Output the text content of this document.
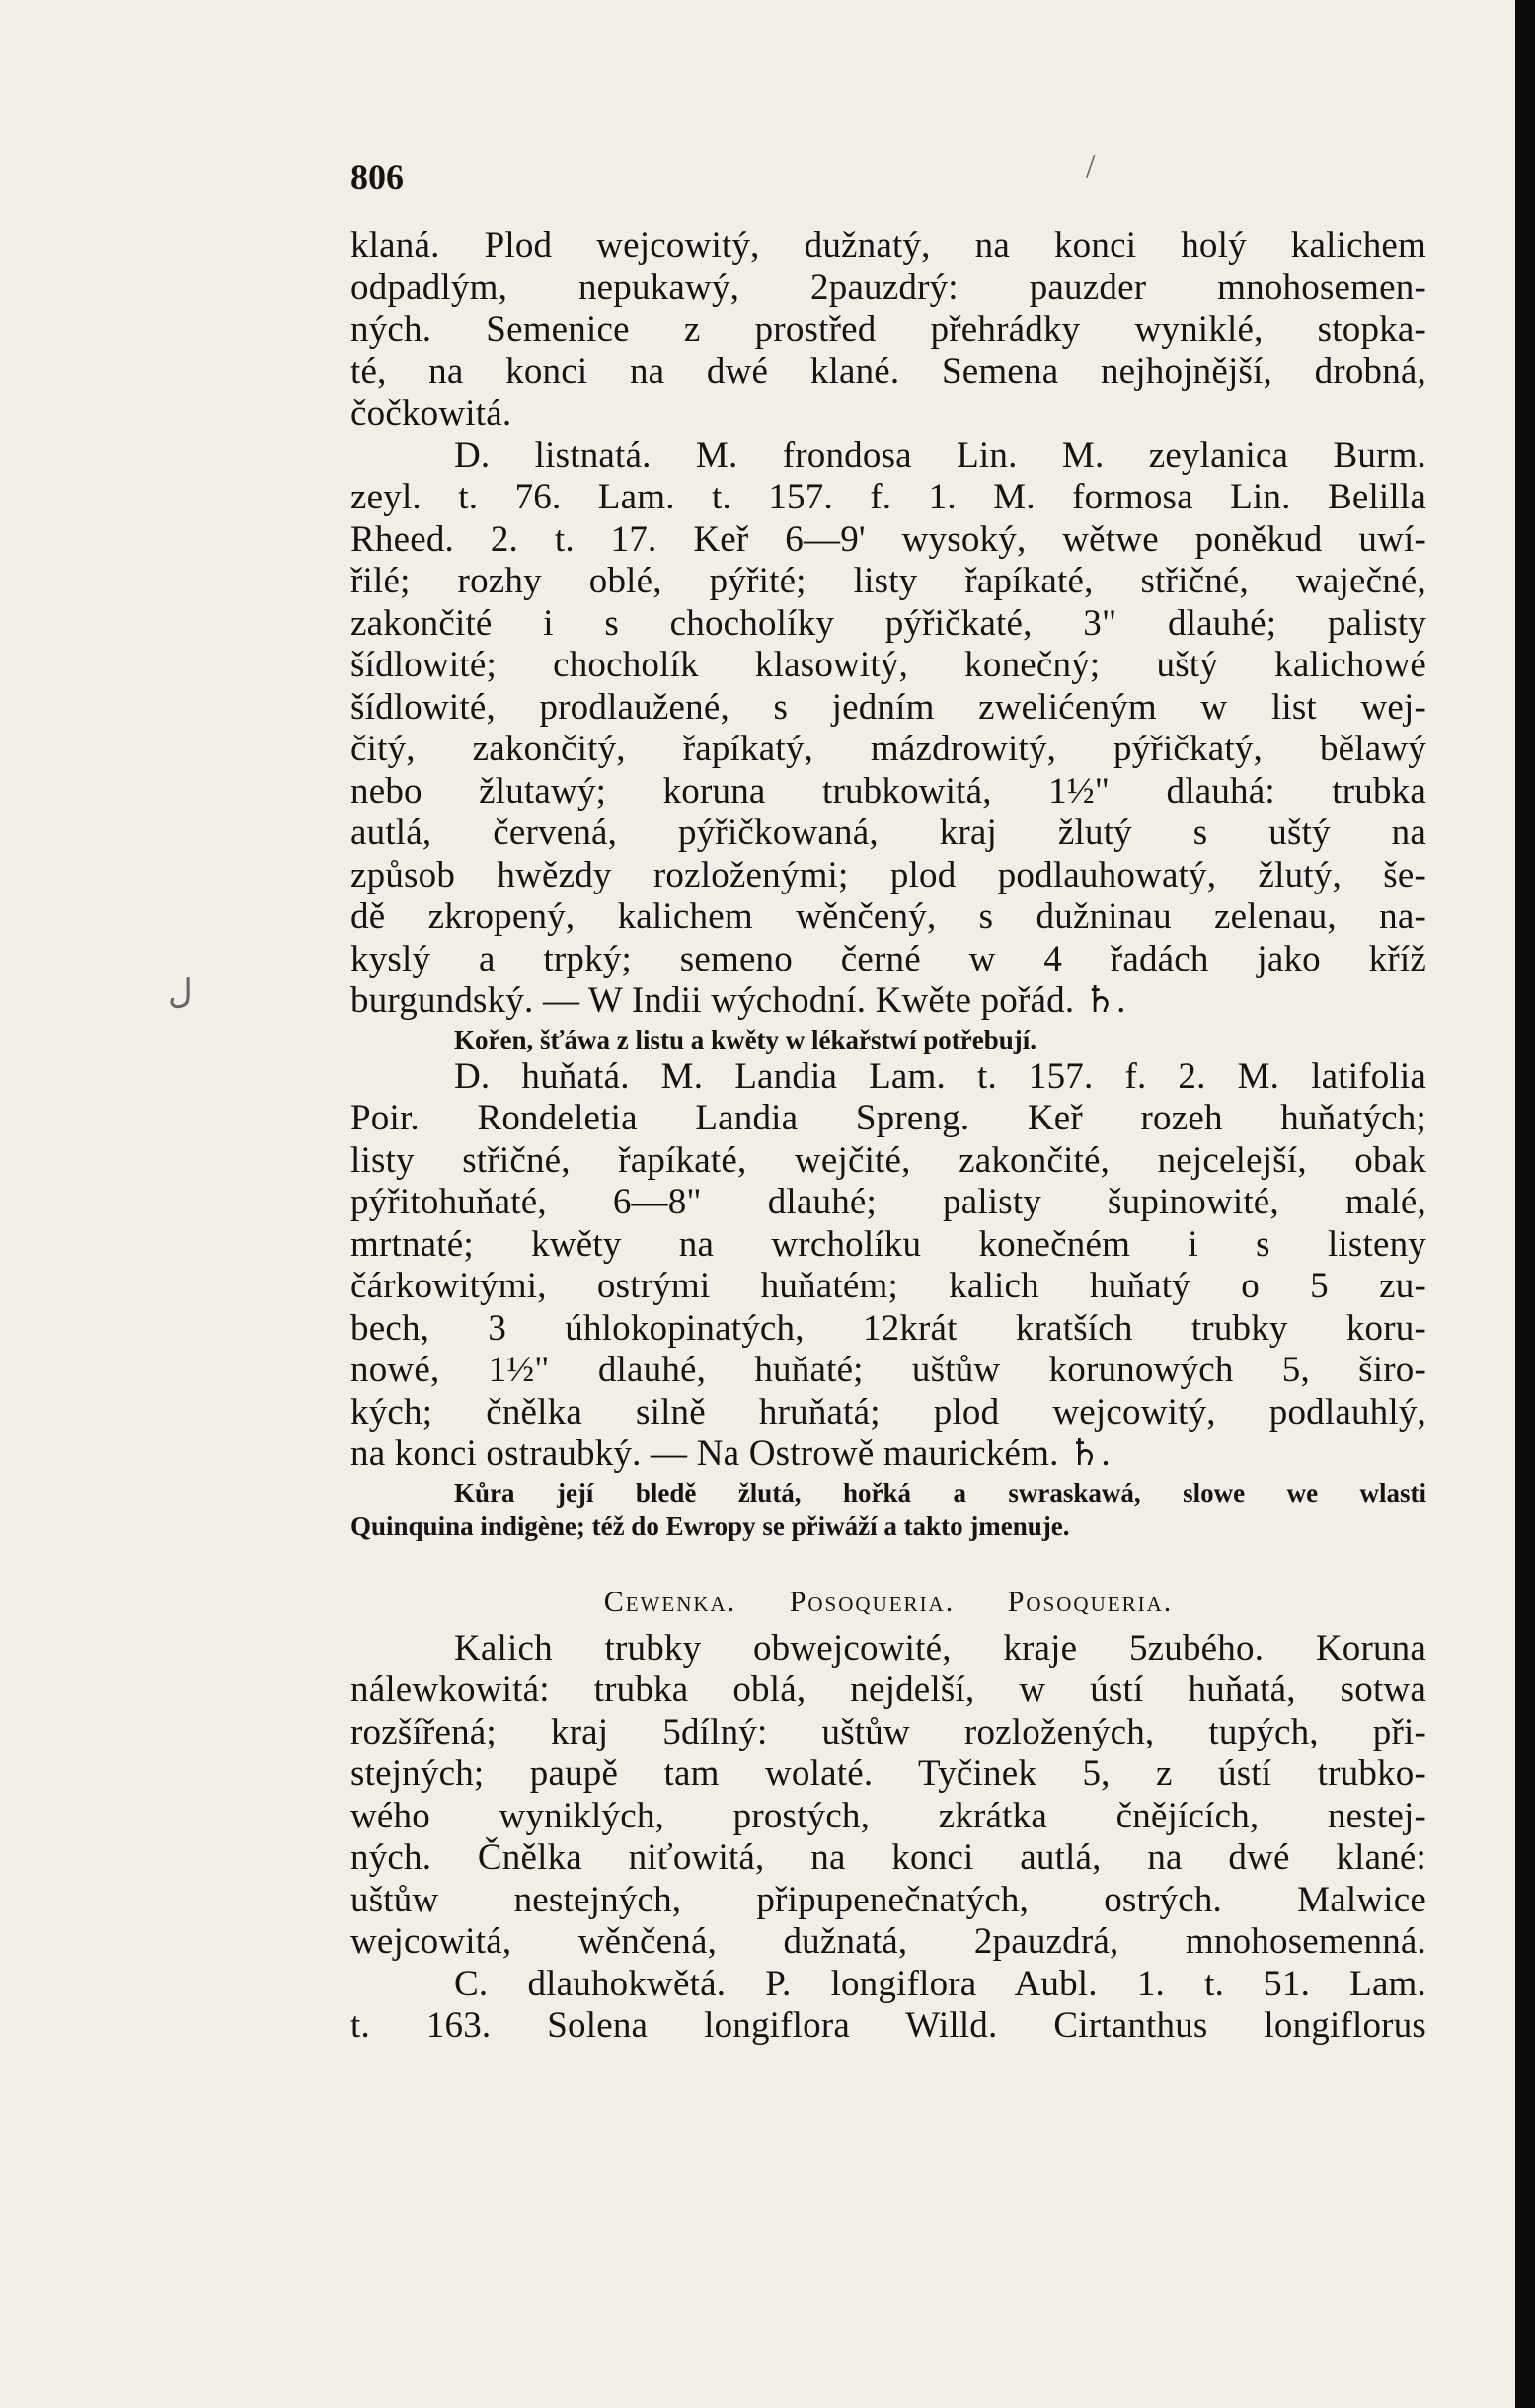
806
ل
/
klaná. Plod wejcowitý, dužnatý, na konci holý kalichem
odpadlým, nepukawý, 2pauzdrý: pauzder mnohosemen-
ných. Semenice z prostřed přehrádky wyniklé, stopka-
té, na konci na dwé klané. Semena nejhojnější, drobná,
čočkowitá.
D. listnatá. M. frondosa Lin. M. zeylanica Burm.
zeyl. t. 76. Lam. t. 157. f. 1. M. formosa Lin. Belilla
Rheed. 2. t. 17. Keř 6—9' wysoký, wětwe poněkud uwí-
řilé; rozhy oblé, pýřité; listy řapíkaté, střičné, waječné,
zakončité i s chocholíky pýřičkaté, 3" dlauhé; palisty
šídlowité; chocholík klasowitý, konečný; uštý kalichowé
šídlowité, prodlaužené, s jedním zwelićeným w list wej-
čitý, zakončitý, řapíkatý, mázdrowitý, pýřičkatý, bělawý
nebo žlutawý; koruna trubkowitá, 1½" dlauhá: trubka
autlá, červená, pýřičkowaná, kraj žlutý s uštý na
způsob hwězdy rozloženými; plod podlauhowatý, žlutý, še-
dě zkropený, kalichem wěnčený, s dužninau zelenau, na-
kyslý a trpký; semeno černé w 4 řadách jako kříž
burgundský. — W Indii wýchodní. Kwěte pořád. ♄.
Kořen, šťáwa z listu a kwěty w lékařstwí potřebují.
D. huňatá. M. Landia Lam. t. 157. f. 2. M. latifolia
Poir. Rondeletia Landia Spreng. Keř rozeh huňatých;
listy střičné, řapíkaté, wejčité, zakončité, nejcelejší, obak
pýřitohuňaté, 6—8" dlauhé; palisty šupinowité, malé,
mrtnaté; kwěty na wrcholíku konečném i s listeny
čárkowitými, ostrými huňatém; kalich huňatý o 5 zu-
bech, 3 úhlokopinatých, 12krát kratších trubky koru-
nowé, 1½" dlauhé, huňaté; uštůw korunowých 5, širo-
kých; čnělka silně hruňatá; plod wejcowitý, podlauhlý,
na konci ostraubký. — Na Ostrowě maurickém. ♄.
Kůra její bledě žlutá, hořká a swraskawá, slowe we wlasti
Quinquina indigène; též do Ewropy se přiwáží a takto jmenuje.
Cewenka. Posoqueria. Posoqueria.
Kalich trubky obwejcowité, kraje 5zubého. Koruna
nálewkowitá: trubka oblá, nejdelší, w ústí huňatá, sotwa
rozšířená; kraj 5dílný: uštůw rozložených, tupých, při-
stejných; paupě tam wolaté. Tyčinek 5, z ústí trubko-
wého wyniklých, prostých, zkrátka čnějících, nestej-
ných. Čnělka niťowitá, na konci autlá, na dwé klané:
uštůw nestejných, připupenečnatých, ostrých. Malwice
wejcowitá, wěnčená, dužnatá, 2pauzdrá, mnohosemenná.
C. dlauhokwětá. P. longiflora Aubl. 1. t. 51. Lam.
t. 163. Solena longiflora Willd. Cirtanthus longiflorus
